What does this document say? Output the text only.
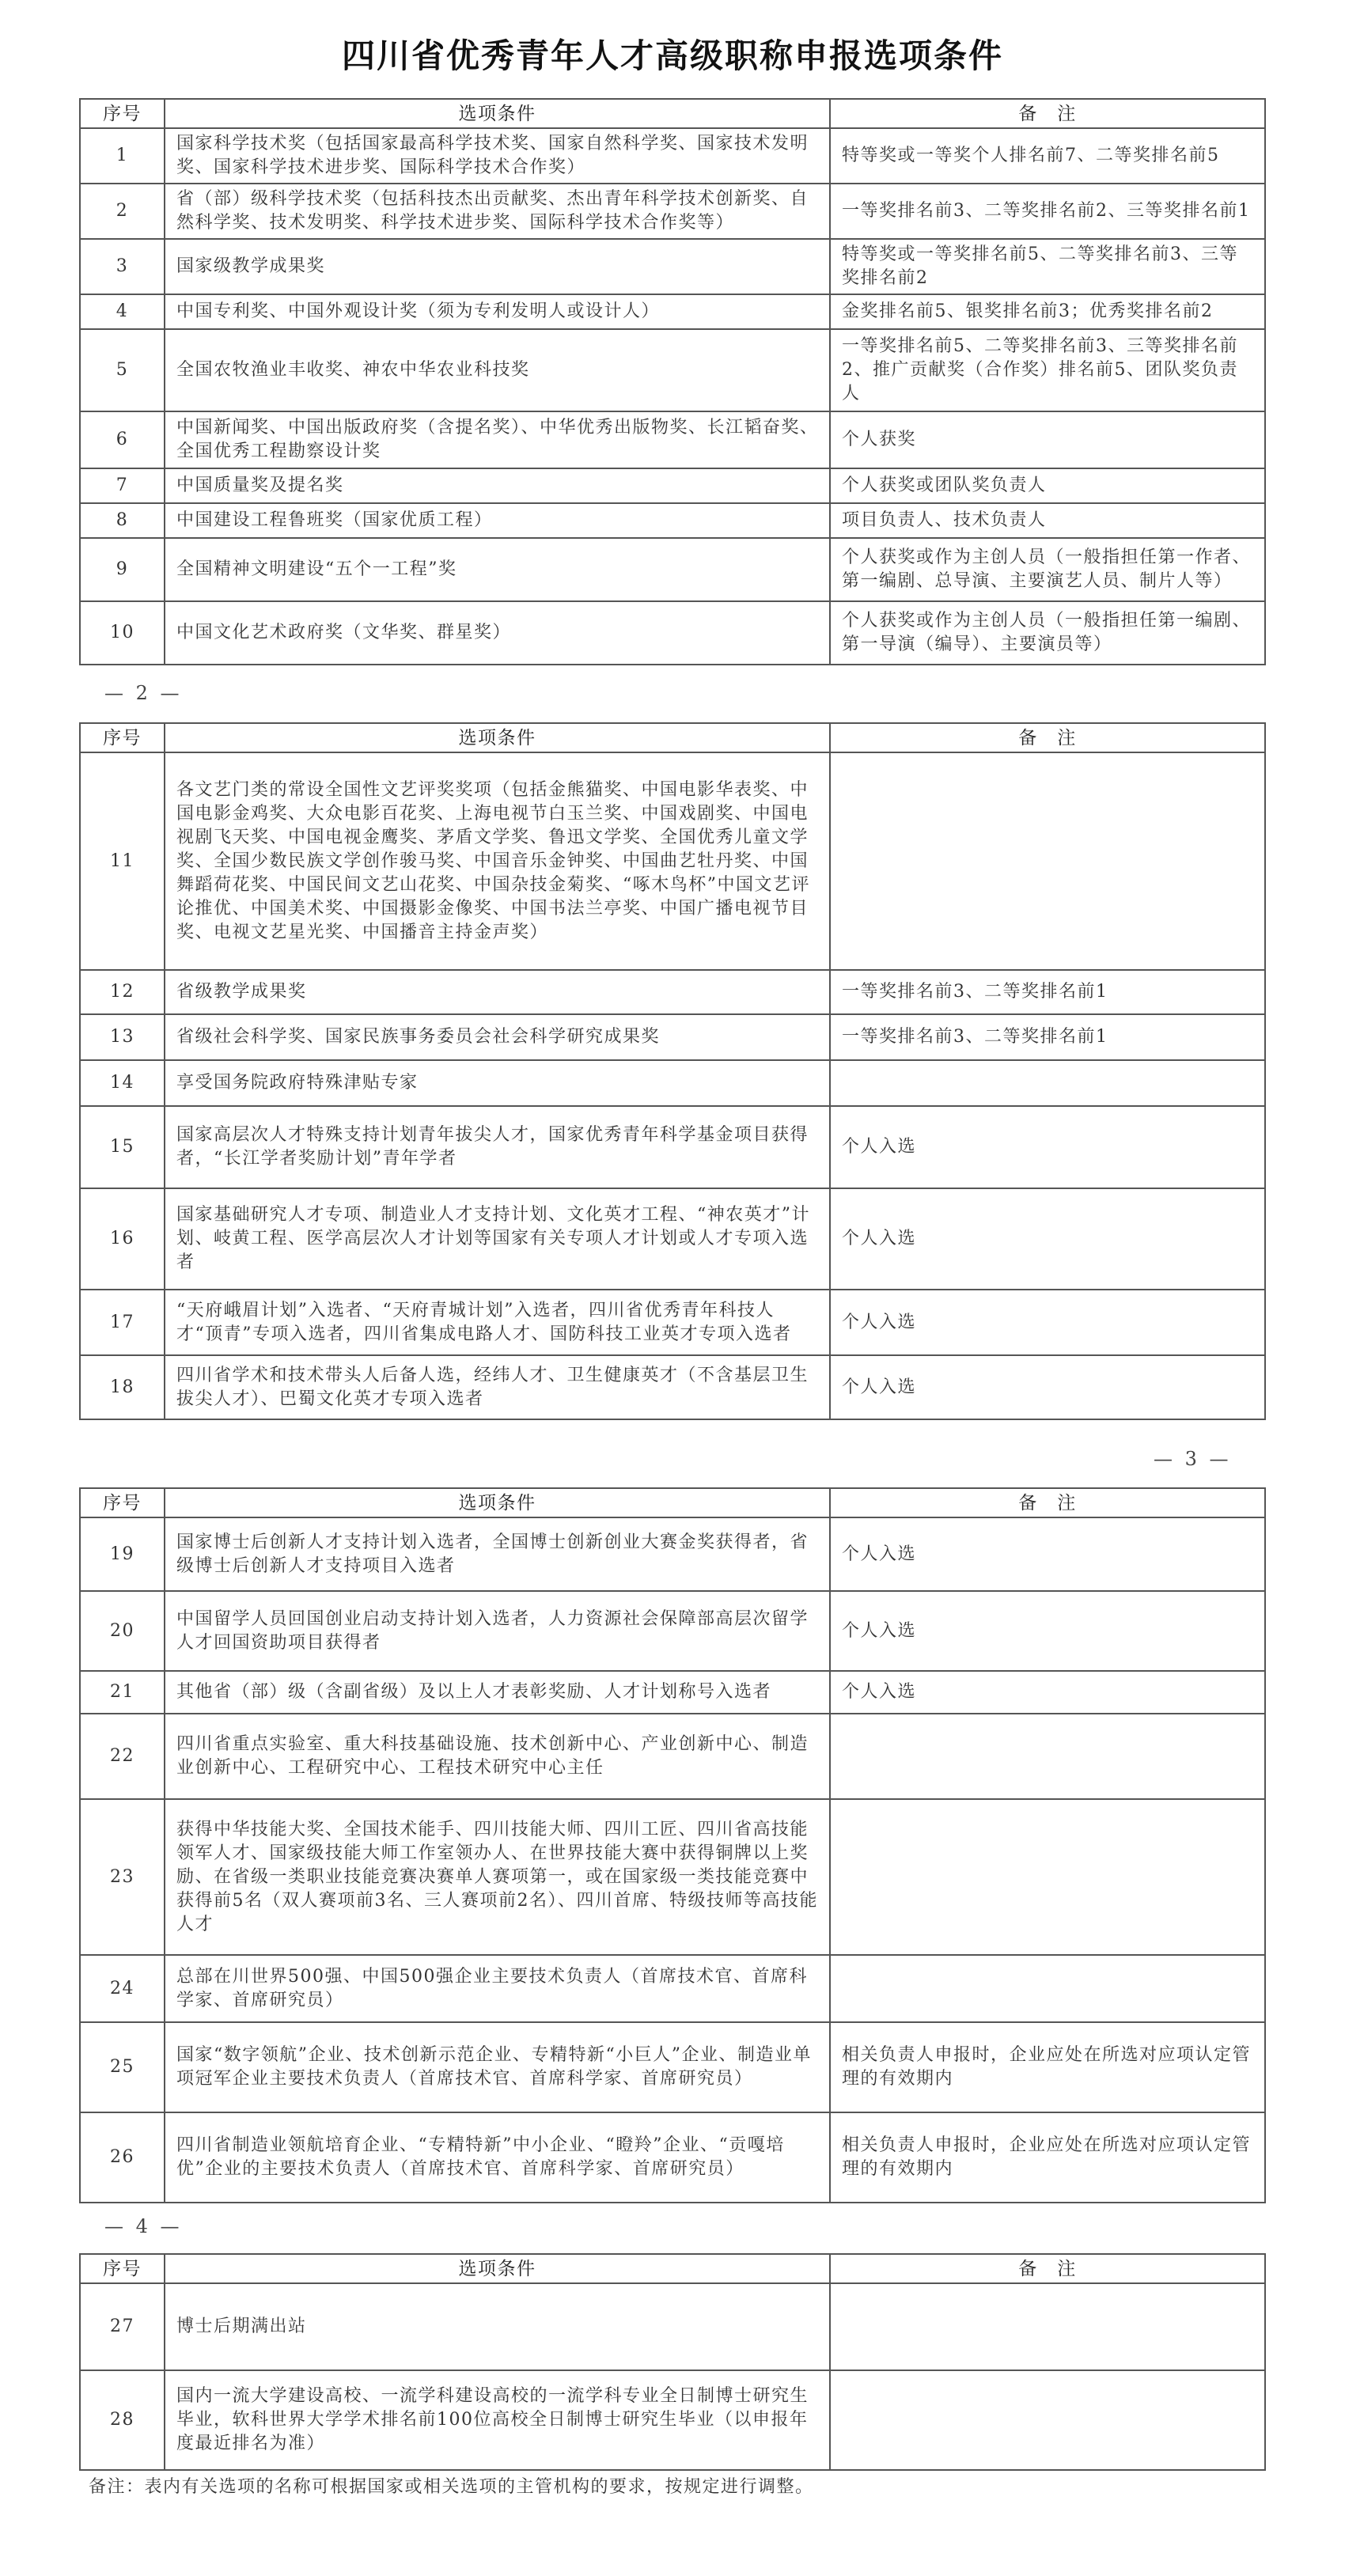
四川省优秀青年人才高级职称申报选项条件
— 2 —
— 3 —
— 4 —
序号	选项条件	备　注
1	国家科学技术奖（包括国家最高科学技术奖、国家自然科学奖、国家技术发明奖、国家科学技术进步奖、国际科学技术合作奖）	特等奖或一等奖个人排名前7、二等奖排名前5
2	省（部）级科学技术奖（包括科技杰出贡献奖、杰出青年科学技术创新奖、自然科学奖、技术发明奖、科学技术进步奖、国际科学技术合作奖等）	一等奖排名前3、二等奖排名前2、三等奖排名前1
3	国家级教学成果奖	特等奖或一等奖排名前5、二等奖排名前3、三等奖排名前2
4	中国专利奖、中国外观设计奖（须为专利发明人或设计人）	金奖排名前5、银奖排名前3；优秀奖排名前2
5	全国农牧渔业丰收奖、神农中华农业科技奖	一等奖排名前5、二等奖排名前3、三等奖排名前2、推广贡献奖（合作奖）排名前5、团队奖负责人
6	中国新闻奖、中国出版政府奖（含提名奖）、中华优秀出版物奖、长江韬奋奖、全国优秀工程勘察设计奖	个人获奖
7	中国质量奖及提名奖	个人获奖或团队奖负责人
8	中国建设工程鲁班奖（国家优质工程）	项目负责人、技术负责人
9	全国精神文明建设“五个一工程”奖	个人获奖或作为主创人员（一般指担任第一作者、第一编剧、总导演、主要演艺人员、制片人等）
10	中国文化艺术政府奖（文华奖、群星奖）	个人获奖或作为主创人员（一般指担任第一编剧、第一导演（编导）、主要演员等）
序号	选项条件	备　注
11	各文艺门类的常设全国性文艺评奖奖项（包括金熊猫奖、中国电影华表奖、中国电影金鸡奖、大众电影百花奖、上海电视节白玉兰奖、中国戏剧奖、中国电视剧飞天奖、中国电视金鹰奖、茅盾文学奖、鲁迅文学奖、全国优秀儿童文学奖、全国少数民族文学创作骏马奖、中国音乐金钟奖、中国曲艺牡丹奖、中国舞蹈荷花奖、中国民间文艺山花奖、中国杂技金菊奖、“啄木鸟杯”中国文艺评论推优、中国美术奖、中国摄影金像奖、中国书法兰亭奖、中国广播电视节目奖、电视文艺星光奖、中国播音主持金声奖）	
12	省级教学成果奖	一等奖排名前3、二等奖排名前1
13	省级社会科学奖、国家民族事务委员会社会科学研究成果奖	一等奖排名前3、二等奖排名前1
14	享受国务院政府特殊津贴专家	
15	国家高层次人才特殊支持计划青年拔尖人才，国家优秀青年科学基金项目获得者，“长江学者奖励计划”青年学者	个人入选
16	国家基础研究人才专项、制造业人才支持计划、文化英才工程、“神农英才”计划、岐黄工程、医学高层次人才计划等国家有关专项人才计划或人才专项入选者	个人入选
17	“天府峨眉计划”入选者、“天府青城计划”入选者，四川省优秀青年科技人才“顶青”专项入选者，四川省集成电路人才、国防科技工业英才专项入选者	个人入选
18	四川省学术和技术带头人后备人选，经纬人才、卫生健康英才（不含基层卫生拔尖人才）、巴蜀文化英才专项入选者	个人入选
序号	选项条件	备　注
19	国家博士后创新人才支持计划入选者，全国博士创新创业大赛金奖获得者，省级博士后创新人才支持项目入选者	个人入选
20	中国留学人员回国创业启动支持计划入选者，人力资源社会保障部高层次留学人才回国资助项目获得者	个人入选
21	其他省（部）级（含副省级）及以上人才表彰奖励、人才计划称号入选者	个人入选
22	四川省重点实验室、重大科技基础设施、技术创新中心、产业创新中心、制造业创新中心、工程研究中心、工程技术研究中心主任	
23	获得中华技能大奖、全国技术能手、四川技能大师、四川工匠、四川省高技能领军人才、国家级技能大师工作室领办人、在世界技能大赛中获得铜牌以上奖励、在省级一类职业技能竞赛决赛单人赛项第一，或在国家级一类技能竞赛中获得前5名（双人赛项前3名、三人赛项前2名）、四川首席、特级技师等高技能人才	
24	总部在川世界500强、中国500强企业主要技术负责人（首席技术官、首席科学家、首席研究员）	
25	国家“数字领航”企业、技术创新示范企业、专精特新“小巨人”企业、制造业单项冠军企业主要技术负责人（首席技术官、首席科学家、首席研究员）	相关负责人申报时，企业应处在所选对应项认定管理的有效期内
26	四川省制造业领航培育企业、“专精特新”中小企业、“瞪羚”企业、“贡嘎培优”企业的主要技术负责人（首席技术官、首席科学家、首席研究员）	相关负责人申报时，企业应处在所选对应项认定管理的有效期内
序号	选项条件	备　注
27	博士后期满出站	
28	国内一流大学建设高校、一流学科建设高校的一流学科专业全日制博士研究生毕业，软科世界大学学术排名前100位高校全日制博士研究生毕业（以申报年度最近排名为准）	
备注：表内有关选项的名称可根据国家或相关选项的主管机构的要求，按规定进行调整。
